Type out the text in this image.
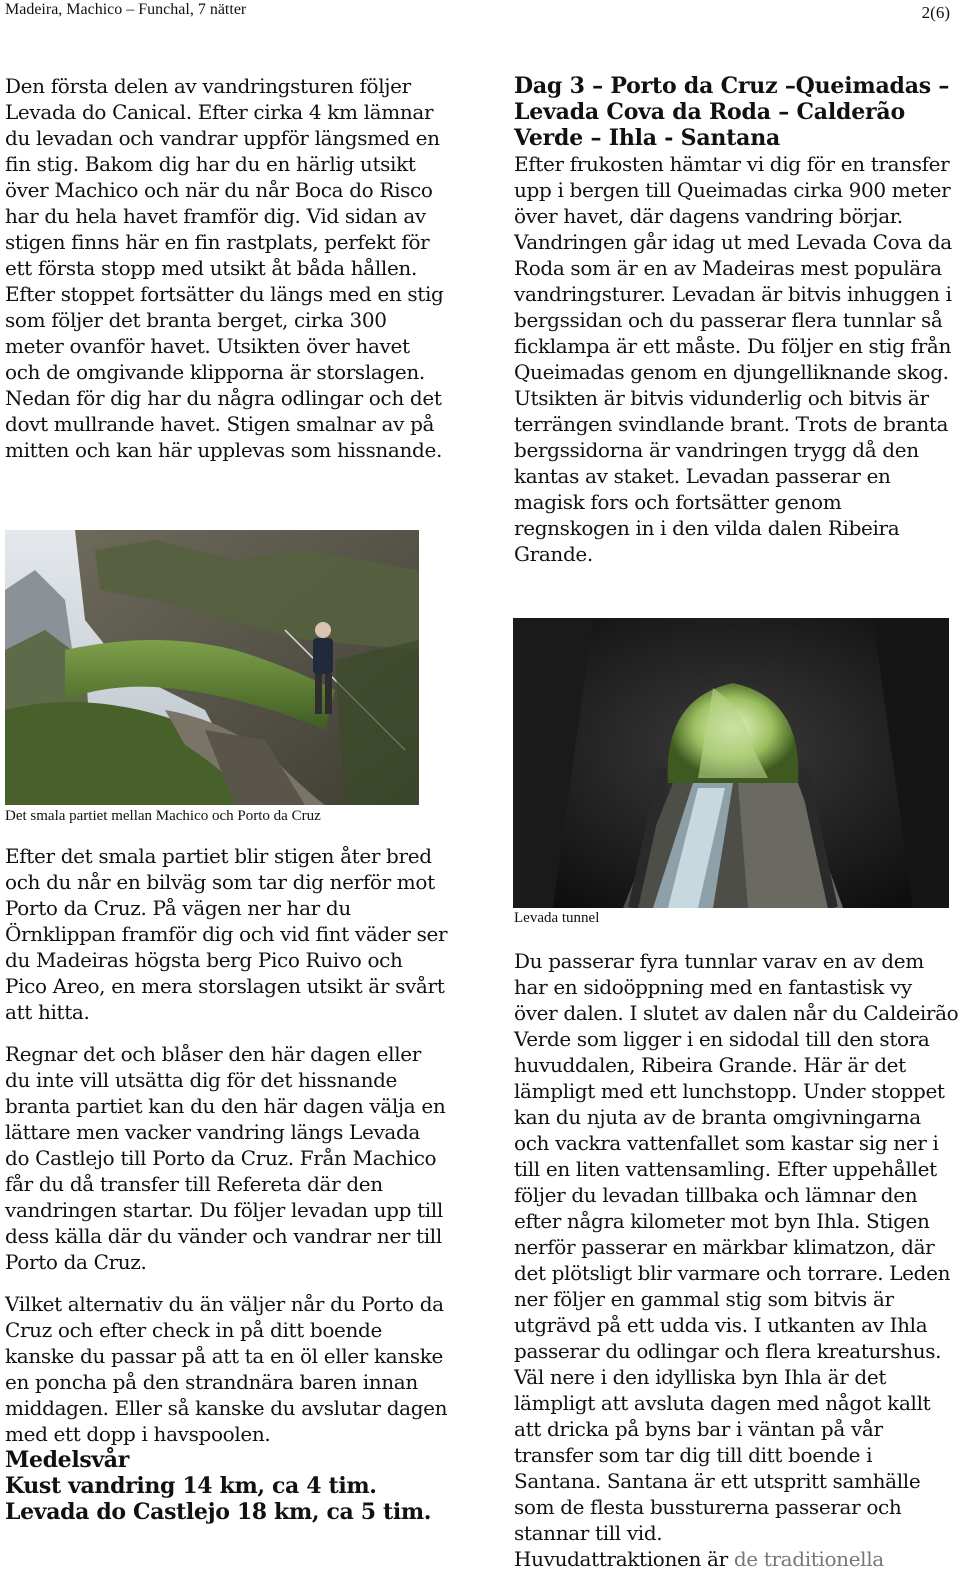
Madeira, Machico – Funchal, 7 nätter	2(6)

Den första delen av vandringsturen följer Levada do Canical. Efter cirka 4 km lämnar du levadan och vandrar uppför längsmed en fin stig. Bakom dig har du en härlig utsikt över Machico och när du når Boca do Risco har du hela havet framför dig. Vid sidan av stigen finns här en fin rastplats, perfekt för ett första stopp med utsikt åt båda hållen. Efter stoppet fortsätter du längs med en stig som följer det branta berget, cirka 300 meter ovanför havet. Utsikten över havet och de omgivande klipporna är storslagen. Nedan för dig har du några odlingar och det dovt mullrande havet. Stigen smalnar av på mitten och kan här upplevas som hissnande.

Det smala partiet mellan Machico och Porto da Cruz

Efter det smala partiet blir stigen åter bred och du når en bilväg som tar dig nerför mot Porto da Cruz. På vägen ner har du Örnklippan framför dig och vid fint väder ser du Madeiras högsta berg Pico Ruivo och Pico Areo, en mera storslagen utsikt är svårt att hitta.

Regnar det och blåser den här dagen eller du inte vill utsätta dig för det hissnande branta partiet kan du den här dagen välja en lättare men vacker vandring längs Levada do Castlejo till Porto da Cruz. Från Machico får du då transfer till Refereta där den vandringen startar. Du följer levadan upp till dess källa där du vänder och vandrar ner till Porto da Cruz.

Vilket alternativ du än väljer når du Porto da Cruz och efter check in på ditt boende kanske du passar på att ta en öl eller kanske en poncha på den strandnära baren innan middagen. Eller så kanske du avslutar dagen med ett dopp i havspoolen.

Medelsvår

Kust vandring 14 km, ca 4 tim.

Levada do Castlejo 18 km, ca 5 tim.

Dag 3 – Porto da Cruz –Queimadas – Levada Cova da Roda – Calderão Verde – Ihla - Santana

Efter frukosten hämtar vi dig för en transfer upp i bergen till Queimadas cirka 900 meter över havet, där dagens vandring börjar. Vandringen går idag ut med Levada Cova da Roda som är en av Madeiras mest populära vandringsturer. Levadan är bitvis inhuggen i bergssidan och du passerar flera tunnlar så ficklampa är ett måste. Du följer en stig från Queimadas genom en djungelliknande skog. Utsikten är bitvis vidunderlig och bitvis är terrängen svindlande brant. Trots de branta bergssidorna är vandringen trygg då den kantas av staket. Levadan passerar en magisk fors och fortsätter genom regnskogen in i den vilda dalen Ribeira Grande.

Levada tunnel

Du passerar fyra tunnlar varav en av dem har en sidoöppning med en fantastisk vy över dalen. I slutet av dalen når du Caldeirão Verde som ligger i en sidodal till den stora huvuddalen, Ribeira Grande. Här är det lämpligt med ett lunchstopp. Under stoppet kan du njuta av de branta omgivningarna och vackra vattenfallet som kastar sig ner i till en liten vattensamling. Efter uppehållet följer du levadan tillbaka och lämnar den efter några kilometer mot byn Ihla. Stigen nerför passerar en märkbar klimatzon, där det plötsligt blir varmare och torrare. Leden ner följer en gammal stig som bitvis är utgrävd på ett udda vis. I utkanten av Ihla passerar du odlingar och flera kreaturshus. Väl nere i den idylliska byn Ihla är det lämpligt att avsluta dagen med något kallt att dricka på byns bar i väntan på vår transfer som tar dig till ditt boende i Santana. Santana är ett utspritt samhälle som de flesta bussturerna passerar och stannar till vid.

Huvudattraktionen är de traditionella
